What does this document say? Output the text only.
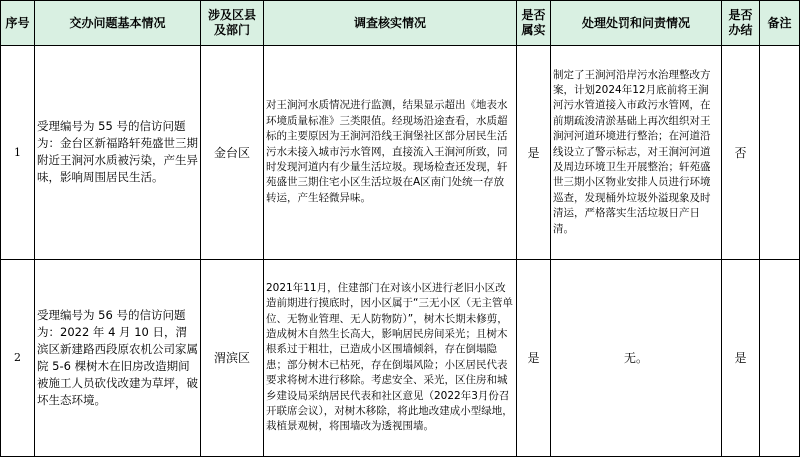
序号	交办问题基本情况	涉及区县及部门	调查核实情况	是否属实	处理处罚和问责情况	是否办结	备注
1	受理编号为 55 号的信访问题为：金台区新福路轩苑盛世三期附近王涧河水质被污染，产生异味，影响周围居民生活。	金台区	对王涧河水质情况进行监测，结果显示超出《地表水环境质量标准》三类限值。经现场沿途查看，水质超标的主要原因为王涧河沿线王涧堡社区部分居民生活污水未接入城市污水管网，直接流入王涧河所致，同时发现河道内有少量生活垃圾。现场检查还发现，轩苑盛世三期住宅小区生活垃圾在A区南门处统一存放转运，产生轻微异味。	是	制定了王涧河沿岸污水治理整改方案，计划2024年12月底前将王涧河污水管道接入市政污水管网，在前期疏浚清淤基础上再次组织对王涧河河道环境进行整治；在河道沿线设立了警示标志，对王涧河河道及周边环境卫生开展整治；轩苑盛世三期小区物业安排人员进行环境巡查，发现桶外垃圾外溢现象及时清运，严格落实生活垃圾日产日清。	否	
2	受理编号为 56 号的信访问题为：2022 年 4 月 10 日，渭滨区新建路西段原农机公司家属院 5-6 棵树木在旧房改造期间被施工人员砍伐改建为草坪，破坏生态环境。	渭滨区	2021年11月，住建部门在对该小区进行老旧小区改造前期进行摸底时，因小区属于“三无小区（无主管单位、无物业管理、无人防物防）”，树木长期未修剪，造成树木自然生长高大，影响居民房间采光；且树木根系过于粗壮，已造成小区围墙倾斜，存在倒塌隐患；部分树木已枯死，存在倒塌风险；小区居民代表要求将树木进行移除。考虑安全、采光，区住房和城乡建设局采纳居民代表和社区意见（2022年3月份召开联席会议），对树木移除，将此地改建成小型绿地，栽植景观树，将围墙改为透视围墙。	是	无。	是	
